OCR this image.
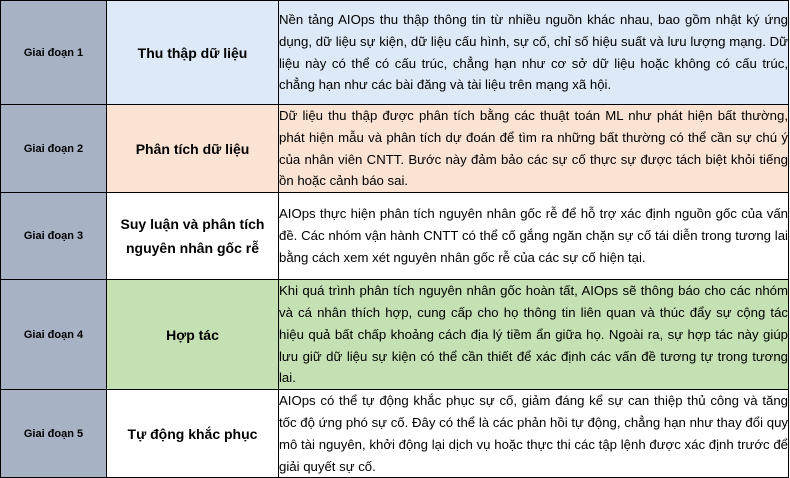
Giai đoạn 1	Thu thập dữ liệu	Nền tảng AIOps thu thập thông tin từ nhiều nguồn khác nhau, bao gồm nhật ký ứng dụng, dữ liệu sự kiện, dữ liệu cấu hình, sự cố, chỉ số hiệu suất và lưu lượng mạng. Dữ liệu này có thể có cấu trúc, chẳng hạn như cơ sở dữ liệu hoặc không có cấu trúc, chẳng hạn như các bài đăng và tài liệu trên mạng xã hội.
Giai đoạn 2	Phân tích dữ liệu	Dữ liệu thu thập được phân tích bằng các thuật toán ML như phát hiện bất thường, phát hiện mẫu và phân tích dự đoán để tìm ra những bất thường có thể cần sự chú ý của nhân viên CNTT. Bước này đảm bảo các sự cố thực sự được tách biệt khỏi tiếng ồn hoặc cảnh báo sai.
Giai đoạn 3	Suy luận và phân tích nguyên nhân gốc rễ	AIOps thực hiện phân tích nguyên nhân gốc rễ để hỗ trợ xác định nguồn gốc của vấn đề. Các nhóm vận hành CNTT có thể cố gắng ngăn chặn sự cố tái diễn trong tương lai bằng cách xem xét nguyên nhân gốc rễ của các sự cố hiện tại.
Giai đoạn 4	Hợp tác	Khi quá trình phân tích nguyên nhân gốc hoàn tất, AIOps sẽ thông báo cho các nhóm và cá nhân thích hợp, cung cấp cho họ thông tin liên quan và thúc đẩy sự cộng tác hiệu quả bất chấp khoảng cách địa lý tiềm ẩn giữa họ. Ngoài ra, sự hợp tác này giúp lưu giữ dữ liệu sự kiện có thể cần thiết để xác định các vấn đề tương tự trong tương lai.
Giai đoạn 5	Tự động khắc phục	AIOps có thể tự động khắc phục sự cố, giảm đáng kể sự can thiệp thủ công và tăng tốc độ ứng phó sự cố. Đây có thể là các phản hồi tự động, chẳng hạn như thay đổi quy mô tài nguyên, khởi động lại dịch vụ hoặc thực thi các tập lệnh được xác định trước để giải quyết sự cố.
